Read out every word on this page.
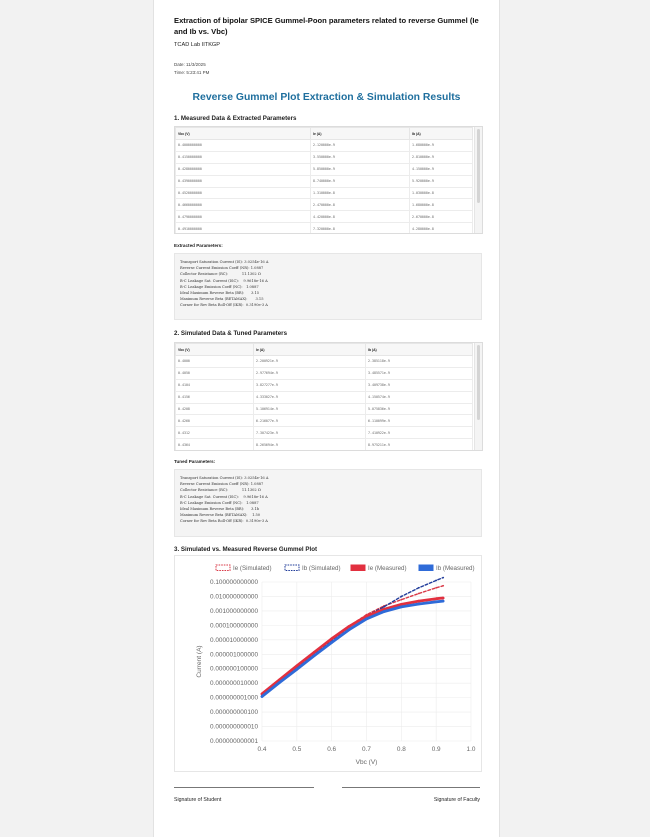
Extraction of bipolar SPICE Gummel-Poon parameters related to reverse Gummel (Ie and Ib vs. Vbc)
TCAD Lab IITKGP
Date: 11/3/2025
Time: 5:23:41 PM
Reverse Gummel Plot Extraction & Simulation Results
1. Measured Data & Extracted Parameters
Vbc (V)	Ie (A)	Ib (A)
0.4000000000	2.120000e-9	1.680000e-9
0.4150000000	3.550000e-9	2.810000e-9
0.4280000000	5.850000e-9	4.150000e-9
0.4390000000	8.740000e-9	5.920000e-9
0.4520000000	1.310000e-8	1.030000e-8
0.4660000000	2.470000e-8	1.680000e-8
0.4790000000	4.420000e-8	2.670000e-8
0.4910000000	7.320000e-8	4.280000e-8
Extracted Parameters:
Transport Saturation Current (IS): 3.0254e-16 A
Reverse Current Emission Coeff (NR): 1.0887
Collector Resistance (RC):            11.1302 Ω
B-C Leakage Sat. Current (ISC):    9.9618e-16 A
B-C Leakage Emission Coeff (NC):   1.0887
Ideal Maximum Reverse Beta (BR):      3.15
Maximum Reverse Beta (BETAMAX):       3.15
Corner for Rev Beta Roll-Off (IKR):  0.3190e-3 A
2. Simulated Data & Tuned Parameters
Vbc (V)	Ie (A)	Ib (A)
0.4000	2.200921e-9	2.385118e-9
0.4050	2.977694e-9	3.485571e-9
0.4104	3.827277e-9	3.409738e-9
0.4156	4.333027e-9	4.150574e-9
0.4208	5.106914e-9	5.075836e-9
0.4260	6.216077e-9	6.110099e-9
0.4312	7.307423e-9	7.410922e-9
0.4364	8.265694e-9	8.975211e-9
Tuned Parameters:
Transport Saturation Current (IS): 3.0254e-16 A
Reverse Current Emission Coeff (NR): 1.0887
Collector Resistance (RC):            11.1302 Ω
B-C Leakage Sat. Current (ISC):    9.9618e-16 A
B-C Leakage Emission Coeff (NC):   1.0887
Ideal Maximum Reverse Beta (BR):      3.1b
Maximum Reverse Beta (BETAMAX):    1.50
Corner for Rev Beta Roll-Off (IKR):  0.3190e-3 A
3. Simulated vs. Measured Reverse Gummel Plot
0.100000000000
0.010000000000
0.001000000000
0.000100000000
0.000010000000
0.000001000000
0.000000100000
0.000000010000
0.000000001000
0.000000000100
0.000000000010
0.000000000001
0.4	0.5	0.6	0.7	0.8	0.9	1.0
Vbc (V)
Current (A)
Ie (Simulated)	Ib (Simulated)	Ie (Measured)	Ib (Measured)
Signature of Student	Signature of Faculty
